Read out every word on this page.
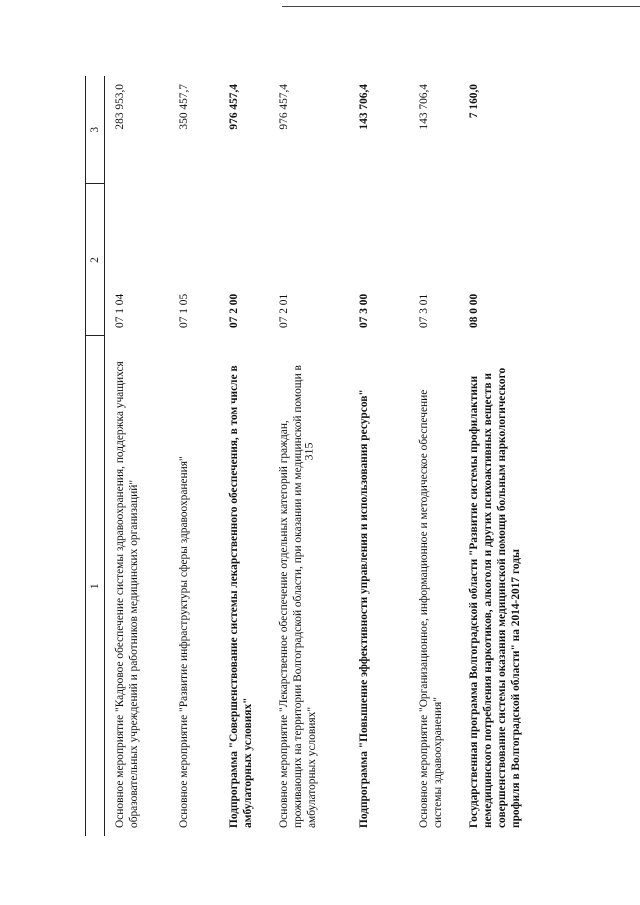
315
1	2	3
Основное мероприятие "Кадровое обеспечение системы здравоохранения, поддержка учащихся образовательных учреждений и работников медицинских организаций"	07 1 04	283 953,0
Основное мероприятие "Развитие инфраструктуры сферы здравоохранения"	07 1 05	350 457,7
Подпрограмма "Совершенствование системы лекарственного обеспечения, в том числе в амбулаторных условиях"	07 2 00	976 457,4
Основное мероприятие "Лекарственное обеспечение отдельных категорий граждан, проживающих на территории Волгоградской области, при оказании им медицинской помощи в амбулаторных условиях"	07 2 01	976 457,4
Подпрограмма "Повышение эффективности управления и использования ресурсов"	07 3 00	143 706,4
Основное мероприятие "Организационное, информационное и методическое обеспечение системы здравоохранения"	07 3 01	143 706,4
Государственная программа Волгоградской области "Развитие системы профилактики немедицинского потребления наркотиков, алкоголя и других психоактивных веществ и совершенствование системы оказания медицинской помощи больным наркологического профиля в Волгоградской области" на 2014-2017 годы	08 0 00	7 160,0
